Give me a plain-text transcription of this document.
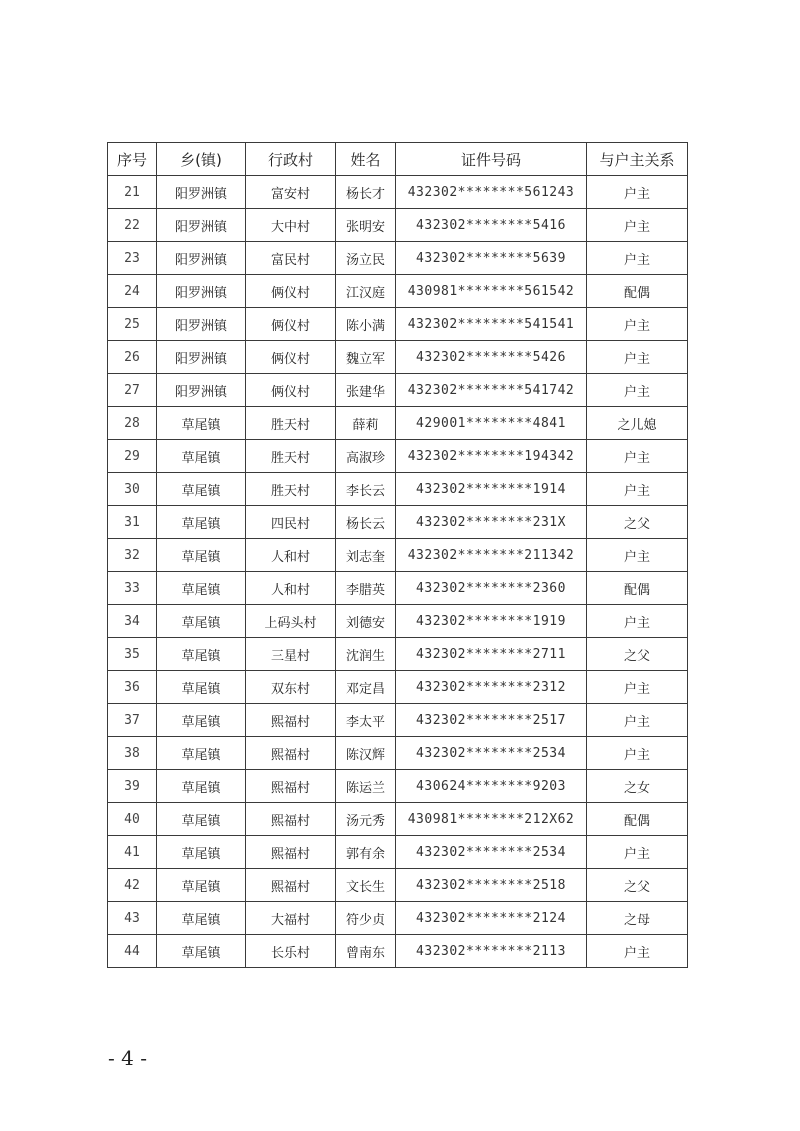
序号	乡(镇)	行政村	姓名	证件号码	与户主关系
21	阳罗洲镇	富安村	杨长才	432302********561243	户主
22	阳罗洲镇	大中村	张明安	432302********5416	户主
23	阳罗洲镇	富民村	汤立民	432302********5639	户主
24	阳罗洲镇	俩仪村	江汉庭	430981********561542	配偶
25	阳罗洲镇	俩仪村	陈小满	432302********541541	户主
26	阳罗洲镇	俩仪村	魏立军	432302********5426	户主
27	阳罗洲镇	俩仪村	张建华	432302********541742	户主
28	草尾镇	胜天村	薛莉	429001********4841	之儿媳
29	草尾镇	胜天村	高淑珍	432302********194342	户主
30	草尾镇	胜天村	李长云	432302********1914	户主
31	草尾镇	四民村	杨长云	432302********231X	之父
32	草尾镇	人和村	刘志奎	432302********211342	户主
33	草尾镇	人和村	李腊英	432302********2360	配偶
34	草尾镇	上码头村	刘德安	432302********1919	户主
35	草尾镇	三星村	沈润生	432302********2711	之父
36	草尾镇	双东村	邓定昌	432302********2312	户主
37	草尾镇	熙福村	李太平	432302********2517	户主
38	草尾镇	熙福村	陈汉辉	432302********2534	户主
39	草尾镇	熙福村	陈运兰	430624********9203	之女
40	草尾镇	熙福村	汤元秀	430981********212X62	配偶
41	草尾镇	熙福村	郭有余	432302********2534	户主
42	草尾镇	熙福村	文长生	432302********2518	之父
43	草尾镇	大福村	符少贞	432302********2124	之母
44	草尾镇	长乐村	曾南东	432302********2113	户主
- 4 -
